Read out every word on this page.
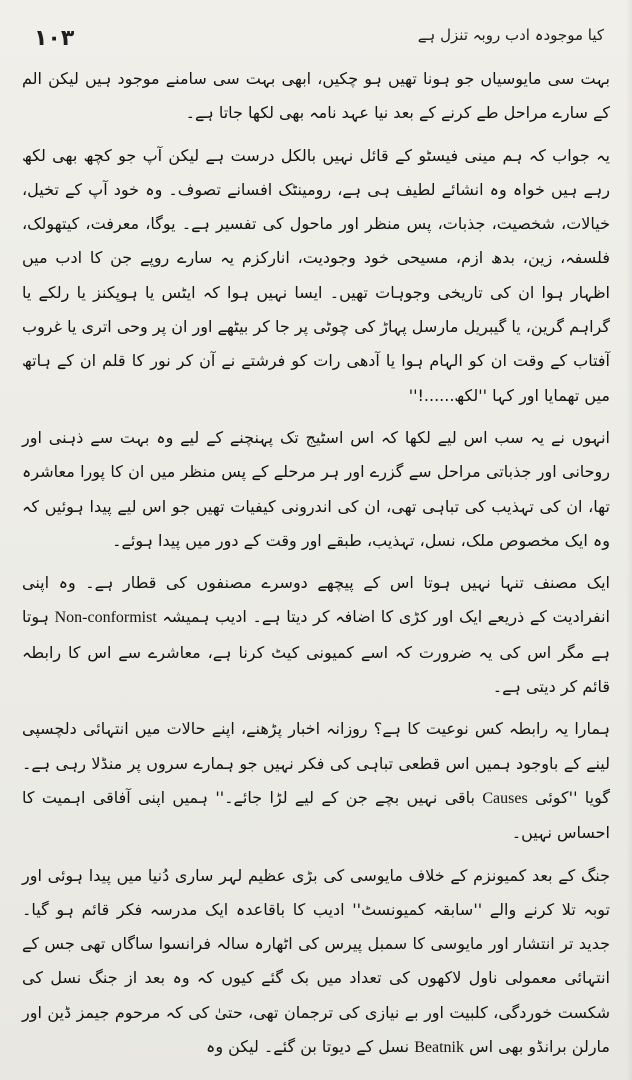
۱۰۳	کیا موجودہ ادب روبہ تنزل ہے

بہت سی مایوسیاں جو ہونا تھیں ہو چکیں، ابھی بہت سی سامنے موجود ہیں لیکن الم کے سارے مراحل طے کرنے کے بعد نیا عہد نامہ بھی لکھا جاتا ہے۔

یہ جواب کہ ہم مینی فیسٹو کے قائل نہیں بالکل درست ہے لیکن آپ جو کچھ بھی لکھ رہے ہیں خواہ وہ انشائے لطیف ہی ہے، رومینٹک افسانے تصوف۔ وہ خود آپ کے تخیل، خیالات، شخصیت، جذبات، پس منظر اور ماحول کی تفسیر ہے۔ یوگا، معرفت، کیتھولک، فلسفہ، زین، بدھ ازم، مسیحی خود وجودیت، انارکزم یہ سارے روپے جن کا ادب میں اظہار ہوا ان کی تاریخی وجوہات تھیں۔ ایسا نہیں ہوا کہ ایٹس یا ہوپکنز یا رلکے یا گراہم گرین، یا گیبریل مارسل پہاڑ کی چوٹی پر جا کر بیٹھے اور ان پر وحی اتری یا غروب آفتاب کے وقت ان کو الہام ہوا یا آدھی رات کو فرشتے نے آن کر نور کا قلم ان کے ہاتھ میں تھمایا اور کہا ''لکھ......!''

انہوں نے یہ سب اس لیے لکھا کہ اس اسٹیج تک پہنچنے کے لیے وہ بہت سے ذہنی اور روحانی اور جذباتی مراحل سے گزرے اور ہر مرحلے کے پس منظر میں ان کا پورا معاشرہ تھا، ان کی تہذیب کی تباہی تھی، ان کی اندرونی کیفیات تھیں جو اس لیے پیدا ہوئیں کہ وہ ایک مخصوص ملک، نسل، تہذیب، طبقے اور وقت کے دور میں پیدا ہوئے۔

ایک مصنف تنہا نہیں ہوتا اس کے پیچھے دوسرے مصنفوں کی قطار ہے۔ وہ اپنی انفرادیت کے ذریعے ایک اور کڑی کا اضافہ کر دیتا ہے۔ ادیب ہمیشہ Non-conformist ہوتا ہے مگر اس کی یہ ضرورت کہ اسے کمیونی کیٹ کرنا ہے، معاشرے سے اس کا رابطہ قائم کر دیتی ہے۔

ہمارا یہ رابطہ کس نوعیت کا ہے؟ روزانہ اخبار پڑھنے، اپنے حالات میں انتہائی دلچسپی لینے کے باوجود ہمیں اس قطعی تباہی کی فکر نہیں جو ہمارے سروں پر منڈلا رہی ہے۔ گویا ''کوئی Causes باقی نہیں بچے جن کے لیے لڑا جائے۔'' ہمیں اپنی آفاقی اہمیت کا احساس نہیں۔

جنگ کے بعد کمیونزم کے خلاف مایوسی کی بڑی عظیم لہر ساری دُنیا میں پیدا ہوئی اور توبہ تلا کرنے والے ''سابقہ کمیونسٹ'' ادیب کا باقاعدہ ایک مدرسہ فکر قائم ہو گیا۔ جدید تر انتشار اور مایوسی کا سمبل پیرس کی اٹھارہ سالہ فرانسوا ساگاں تھی جس کے انتہائی معمولی ناول لاکھوں کی تعداد میں بک گئے کیوں کہ وہ بعد از جنگ نسل کی شکست خوردگی، کلبیت اور بے نیازی کی ترجمان تھی، حتیٰ کی کہ مرحوم جیمز ڈین اور مارلن برانڈو بھی اس Beatnik نسل کے دیوتا بن گئے۔ لیکن وہ
